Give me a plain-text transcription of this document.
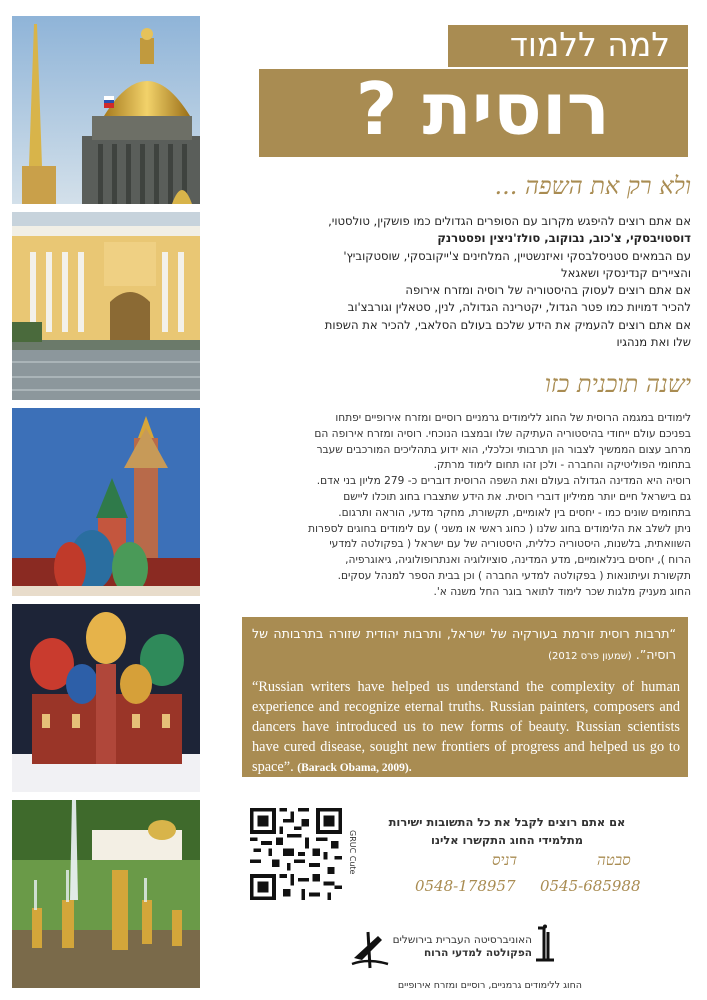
למה ללמוד
רוסית ?
ולא רק את השפה ...
אם אתם רוצים להיפגש מקרוב עם הסופרים הגדולים כמו פושקין, טולסטוי,
דוסטויבסקי, צ'כוב, נבוקוב, סולז'ניצין ופסטרנק
עם הבמאים סטניסלבסקי ואיזנשטיין, המלחינים צ'ייקובסקי, שוסטקוביץ'
והציירים קנדינסקי ושאגאל
אם אתם רוצים לעסוק בהיסטוריה של רוסיה ומזרח אירופה
להכיר דמויות כמו פטר הגדול, יקטרינה הגדולה, לנין, סטאלין וגורבצ'וב
אם אתם רוצים להעמיק את הידע שלכם בעולם הסלאבי, להכיר את השפות
שלו ואת מנהגיו
ישנה תוכנית כזו
לימודים במגמה הרוסית של החוג ללימודים גרמניים רוסיים ומזרח אירופיים יפתחו
בפניכם עולם ייחודי בהיסטוריה העתיקה שלו ובמצבו הנוכחי. רוסיה ומזרח אירופה הם
מרחב עצום הממשיך לצבור הון תרבותי וכלכלי, הוא ידוע בתהליכים המורכבים שעבר
בתחומי הפוליטיקה והחברה - ולכן זהו תחום לימוד מרתק.
רוסיה היא המדינה הגדולה בעולם ואת השפה הרוסית דוברים כ- 279 מליון בני אדם.
גם בישראל חיים יותר ממיליון דוברי רוסית. את הידע שתצברו בחוג תוכלו ליישם
בתחומים שונים כמו - יחסים בין לאומיים, תקשורת, מחקר מדעי, הוראה ותרגום.
ניתן לשלב את הלימודים בחוג שלנו ( כחוג ראשי או משני ) עם לימודים בחוגים לספרות
השוואתית, בלשנות, היסטוריה כללית, היסטוריה של עם ישראל ( בפקולטה למדעי
הרוח ), יחסים בינלאומיים, מדע המדינה, סוציולוגיה ואנתרופולוגיה, גיאוגרפיה,
תקשורת ועיתונאות ( בפקולטה למדעי החברה ) וכן בבית הספר למנהל עסקים.
החוג מעניק מלגות שכר לימוד לתואר בוגר החל משנה א'.
“תרבות רוסית זורמת בעורקיה של ישראל, ותרבות יהודית שזורה בתרבותה של רוסיה”. (שמעון פרס 2012)
“Russian writers have helped us understand the complexity of human experience and recognize eternal truths. Russian painters, composers and dancers have introduced us to new forms of beauty. Russian scientists have cured disease, sought new frontiers of progress and helped us go to space”. (Barack Obama, 2009).
GRUC Cute
אם אתם רוצים לקבל את כל התשובות ישירות
מתלמידי החוג התקשרו אלינו
סבטה
דניס
0545-685988
0548-178957
האוניברסיטה העברית בירושלים
הפקולטה למדעי הרוח
החוג ללימודים גרמניים, רוסיים ומזרח אירופיים
